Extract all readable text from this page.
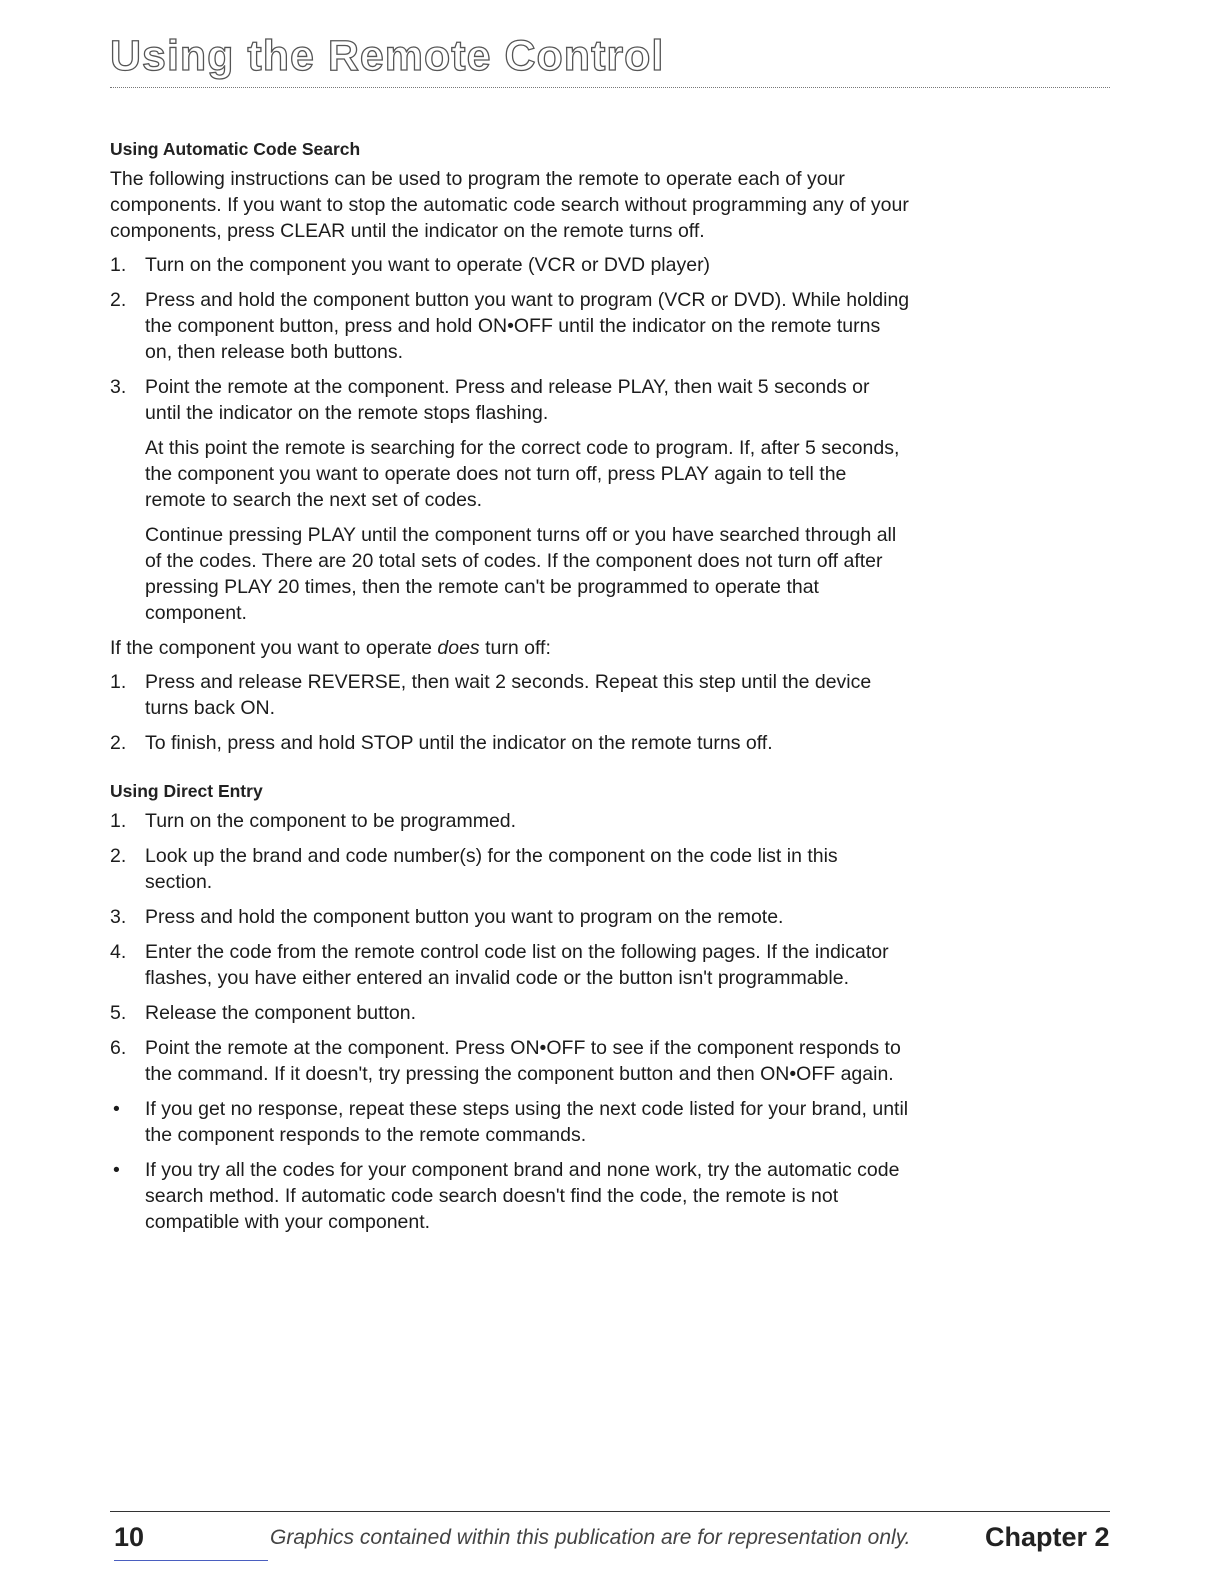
Using the Remote Control
Using Automatic Code Search

The following instructions can be used to program the remote to operate each of your components. If you want to stop the automatic code search without programming any of your components, press CLEAR until the indicator on the remote turns off.

1. Turn on the component you want to operate (VCR or DVD player)
2. Press and hold the component button you want to program (VCR or DVD). While holding the component button, press and hold ON•OFF until the indicator on the remote turns on, then release both buttons.
3. Point the remote at the component. Press and release PLAY, then wait 5 seconds or until the indicator on the remote stops flashing.

At this point the remote is searching for the correct code to program. If, after 5 seconds, the component you want to operate does not turn off, press PLAY again to tell the remote to search the next set of codes.

Continue pressing PLAY until the component turns off or you have searched through all of the codes. There are 20 total sets of codes. If the component does not turn off after pressing PLAY 20 times, then the remote can't be programmed to operate that component.

If the component you want to operate does turn off:

1. Press and release REVERSE, then wait 2 seconds. Repeat this step until the device turns back ON.
2. To finish, press and hold STOP until the indicator on the remote turns off.
Using Direct Entry
1. Turn on the component to be programmed.
2. Look up the brand and code number(s) for the component on the code list in this section.
3. Press and hold the component button you want to program on the remote.
4. Enter the code from the remote control code list on the following pages. If the indicator flashes, you have either entered an invalid code or the button isn't programmable.
5. Release the component button.
6. Point the remote at the component. Press ON•OFF to see if the component responds to the command. If it doesn't, try pressing the component button and then ON•OFF again.
• If you get no response, repeat these steps using the next code listed for your brand, until the component responds to the remote commands.
• If you try all the codes for your component brand and none work, try the automatic code search method. If automatic code search doesn't find the code, the remote is not compatible with your component.
10	Graphics contained within this publication are for representation only.	Chapter 2
